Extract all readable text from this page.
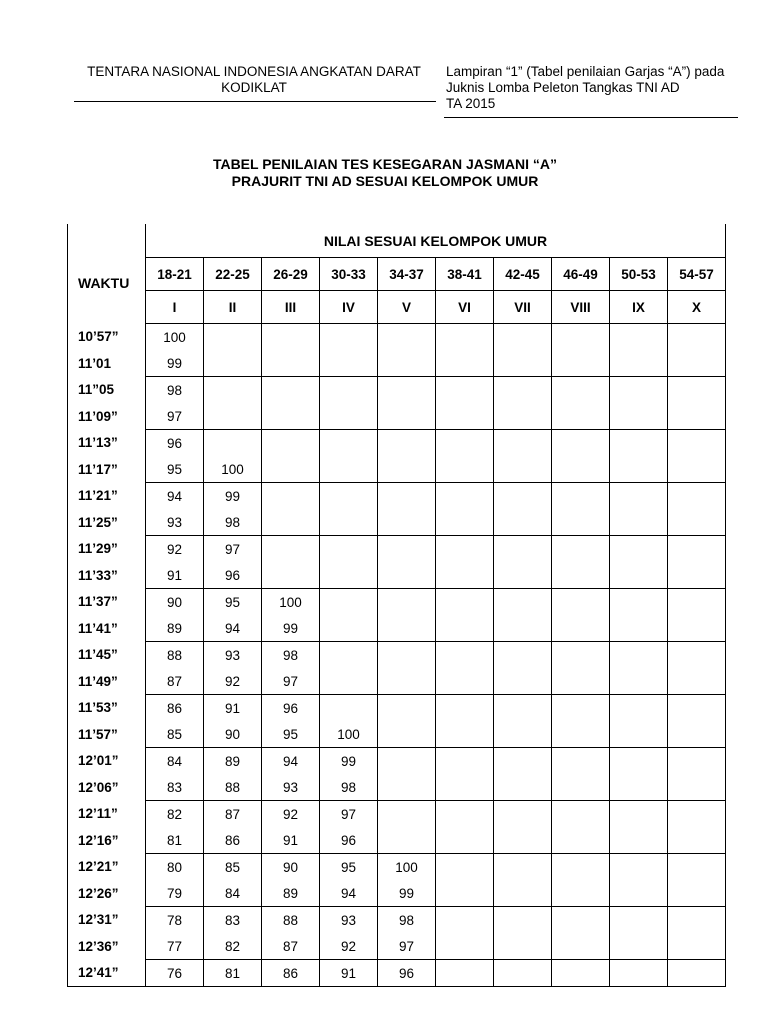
TENTARA NASIONAL INDONESIA ANGKATAN DARAT
KODIKLAT
Lampiran “1” (Tabel penilaian Garjas “A”) pada
Juknis Lomba Peleton Tangkas TNI AD
TA 2015
TABEL PENILAIAN TES KESEGARAN JASMANI “A”
PRAJURIT TNI AD SESUAI KELOMPOK UMUR
WAKTU	NILAI SESUAI KELOMPOK UMUR									
	18-21	22-25	26-29	30-33	34-37	38-41	42-45	46-49	50-53	54-57
	I	II	III	IV	V	VI	VII	VIII	IX	X
10’57”	100									
11’01	99									
11”05	98									
11’09”	97									
11’13”	96									
11’17”	95	100								
11’21”	94	99								
11’25”	93	98								
11’29”	92	97								
11’33”	91	96								
11’37”	90	95	100							
11’41”	89	94	99							
11’45”	88	93	98							
11’49”	87	92	97							
11’53”	86	91	96							
11’57”	85	90	95	100						
12’01”	84	89	94	99						
12’06”	83	88	93	98						
12’11”	82	87	92	97						
12’16”	81	86	91	96						
12’21”	80	85	90	95	100					
12’26”	79	84	89	94	99					
12’31”	78	83	88	93	98					
12’36”	77	82	87	92	97					
12’41”	76	81	86	91	96					
